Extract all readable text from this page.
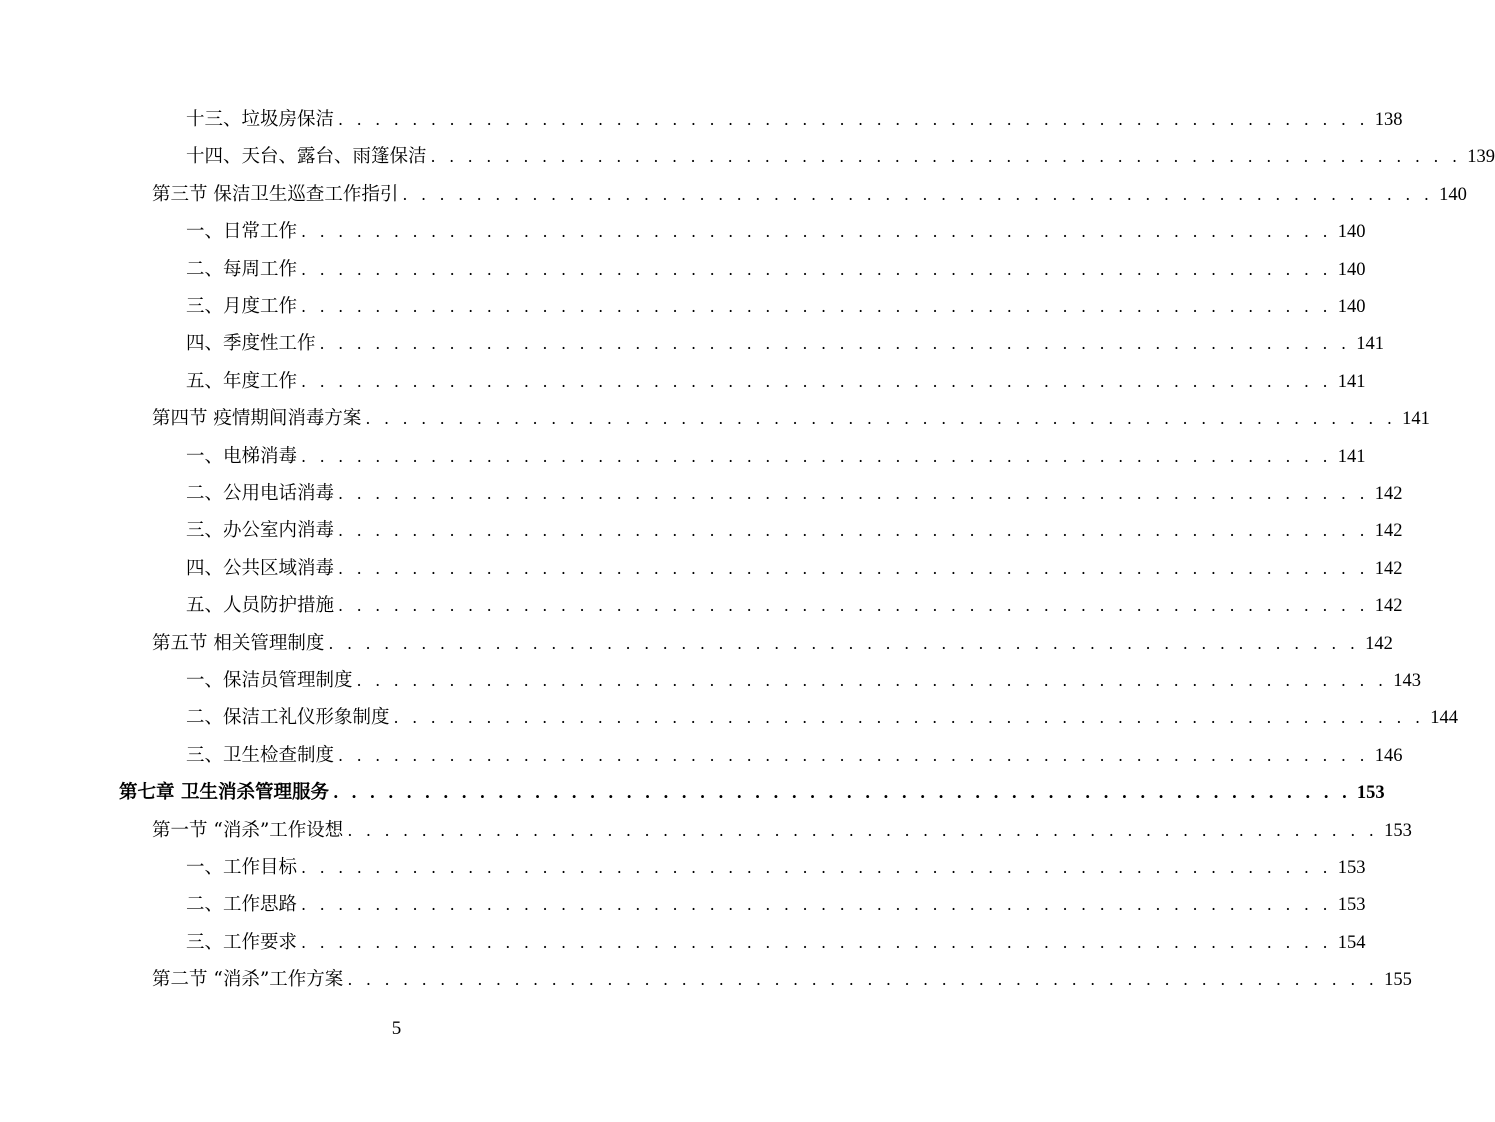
十三、垃圾房保洁 . . . . . . . . . . . . . . . . . . . . . . . . . . . . . . . . . . . . . . . . . . . . . . . . . . . . . . . . 138
十四、天台、露台、雨篷保洁 . . . . . . . . . . . . . . . . . . . . . . . . . . . . . . . . . . . . . . . . . . . . . . . . . . . . . . . . 139
第三节 保洁卫生巡查工作指引 . . . . . . . . . . . . . . . . . . . . . . . . . . . . . . . . . . . . . . . . . . . . . . . . . . . . . . . . 140
一、日常工作 . . . . . . . . . . . . . . . . . . . . . . . . . . . . . . . . . . . . . . . . . . . . . . . . . . . . . . . . 140
二、每周工作 . . . . . . . . . . . . . . . . . . . . . . . . . . . . . . . . . . . . . . . . . . . . . . . . . . . . . . . . 140
三、月度工作 . . . . . . . . . . . . . . . . . . . . . . . . . . . . . . . . . . . . . . . . . . . . . . . . . . . . . . . . 140
四、季度性工作 . . . . . . . . . . . . . . . . . . . . . . . . . . . . . . . . . . . . . . . . . . . . . . . . . . . . . . . . 141
五、年度工作 . . . . . . . . . . . . . . . . . . . . . . . . . . . . . . . . . . . . . . . . . . . . . . . . . . . . . . . . 141
第四节 疫情期间消毒方案 . . . . . . . . . . . . . . . . . . . . . . . . . . . . . . . . . . . . . . . . . . . . . . . . . . . . . . . . 141
一、电梯消毒 . . . . . . . . . . . . . . . . . . . . . . . . . . . . . . . . . . . . . . . . . . . . . . . . . . . . . . . . 141
二、公用电话消毒 . . . . . . . . . . . . . . . . . . . . . . . . . . . . . . . . . . . . . . . . . . . . . . . . . . . . . . . . 142
三、办公室内消毒 . . . . . . . . . . . . . . . . . . . . . . . . . . . . . . . . . . . . . . . . . . . . . . . . . . . . . . . . 142
四、公共区域消毒 . . . . . . . . . . . . . . . . . . . . . . . . . . . . . . . . . . . . . . . . . . . . . . . . . . . . . . . . 142
五、人员防护措施 . . . . . . . . . . . . . . . . . . . . . . . . . . . . . . . . . . . . . . . . . . . . . . . . . . . . . . . . 142
第五节 相关管理制度 . . . . . . . . . . . . . . . . . . . . . . . . . . . . . . . . . . . . . . . . . . . . . . . . . . . . . . . . 142
一、保洁员管理制度 . . . . . . . . . . . . . . . . . . . . . . . . . . . . . . . . . . . . . . . . . . . . . . . . . . . . . . . . 143
二、保洁工礼仪形象制度 . . . . . . . . . . . . . . . . . . . . . . . . . . . . . . . . . . . . . . . . . . . . . . . . . . . . . . . . 144
三、卫生检查制度 . . . . . . . . . . . . . . . . . . . . . . . . . . . . . . . . . . . . . . . . . . . . . . . . . . . . . . . . 146
第七章 卫生消杀管理服务 . . . . . . . . . . . . . . . . . . . . . . . . . . . . . . . . . . . . . . . . . . . . . . . . . . . . . . . . 153
第一节 “消杀”工作设想 . . . . . . . . . . . . . . . . . . . . . . . . . . . . . . . . . . . . . . . . . . . . . . . . . . . . . . . . 153
一、工作目标 . . . . . . . . . . . . . . . . . . . . . . . . . . . . . . . . . . . . . . . . . . . . . . . . . . . . . . . . 153
二、工作思路 . . . . . . . . . . . . . . . . . . . . . . . . . . . . . . . . . . . . . . . . . . . . . . . . . . . . . . . . 153
三、工作要求 . . . . . . . . . . . . . . . . . . . . . . . . . . . . . . . . . . . . . . . . . . . . . . . . . . . . . . . . 154
第二节 “消杀”工作方案 . . . . . . . . . . . . . . . . . . . . . . . . . . . . . . . . . . . . . . . . . . . . . . . . . . . . . . . . 155
5
